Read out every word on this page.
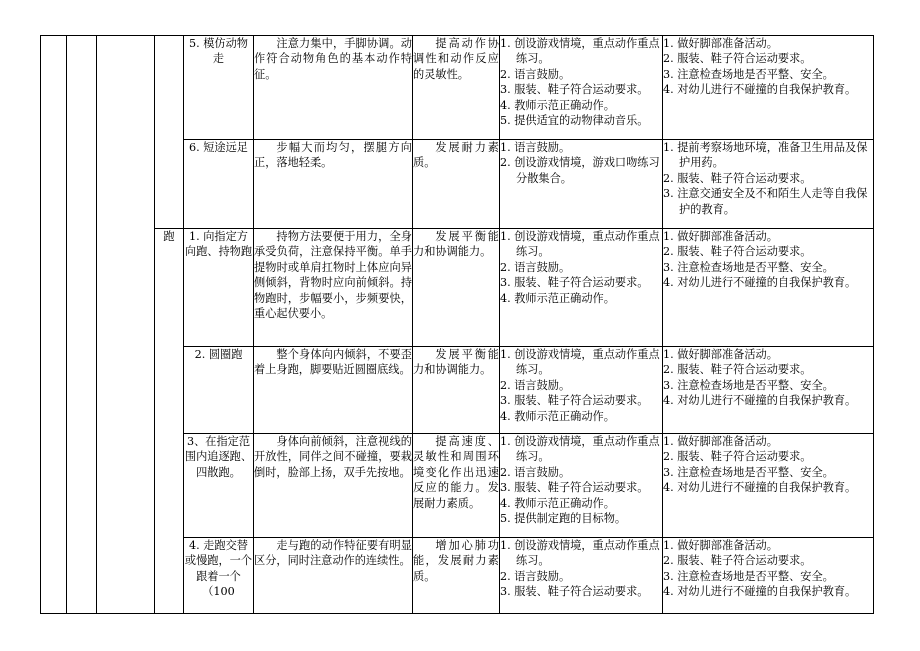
				5. 模仿动物走	注意力集中，手脚协调。动作符合动物角色的基本动作特征。	提高动作协调性和动作反应的灵敏性。	1. 创设游戏情境，重点动作重点练习。
2. 语言鼓励。
3. 服装、鞋子符合运动要求。
4. 教师示范正确动作。
5. 提供适宜的动物律动音乐。	1. 做好脚部准备活动。
2. 服装、鞋子符合运动要求。
3. 注意检查场地是否平整、安全。
4. 对幼儿进行不碰撞的自我保护教育。

				6. 短途远足	步幅大而均匀，摆腿方向正，落地轻柔。	发展耐力素质。	1. 语言鼓励。
2. 创设游戏情境，游戏口吻练习分散集合。	1. 提前考察场地环境，准备卫生用品及保护用药。
2. 服装、鞋子符合运动要求。
3. 注意交通安全及不和陌生人走等自我保护的教育。

			跑	1. 向指定方向跑、持物跑	持物方法要便于用力，全身承受负荷，注意保持平衡。单手提物时或单肩扛物时上体应向异侧倾斜，背物时应向前倾斜。持物跑时，步幅要小，步频要快，重心起伏要小。	发展平衡能力和协调能力。	1. 创设游戏情境，重点动作重点练习。
2. 语言鼓励。
3. 服装、鞋子符合运动要求。
4. 教师示范正确动作。	1. 做好脚部准备活动。
2. 服装、鞋子符合运动要求。
3. 注意检查场地是否平整、安全。
4. 对幼儿进行不碰撞的自我保护教育。

				2. 圆圈跑	整个身体向内倾斜，不要歪着上身跑，脚要贴近圆圈底线。	发展平衡能力和协调能力。	1. 创设游戏情境，重点动作重点练习。
2. 语言鼓励。
3. 服装、鞋子符合运动要求。
4. 教师示范正确动作。	1. 做好脚部准备活动。
2. 服装、鞋子符合运动要求。
3. 注意检查场地是否平整、安全。
4. 对幼儿进行不碰撞的自我保护教育。

				3、在指定范围内追逐跑、四散跑。	身体向前倾斜，注意视线的开放性，同伴之间不碰撞，要栽倒时，脸部上扬，双手先按地。	提高速度、灵敏性和周围环境变化作出迅速反应的能力。发展耐力素质。	1. 创设游戏情境，重点动作重点练习。
2. 语言鼓励。
3. 服装、鞋子符合运动要求。
4. 教师示范正确动作。
5. 提供制定跑的目标物。	1. 做好脚部准备活动。
2. 服装、鞋子符合运动要求。
3. 注意检查场地是否平整、安全。
4. 对幼儿进行不碰撞的自我保护教育。

				4. 走跑交替或慢跑，一个跟着一个（100	走与跑的动作特征要有明显区分，同时注意动作的连续性。	增加心肺功能，发展耐力素质。	1. 创设游戏情境，重点动作重点练习。
2. 语言鼓励。
3. 服装、鞋子符合运动要求。	1. 做好脚部准备活动。
2. 服装、鞋子符合运动要求。
3. 注意检查场地是否平整、安全。
4. 对幼儿进行不碰撞的自我保护教育。
